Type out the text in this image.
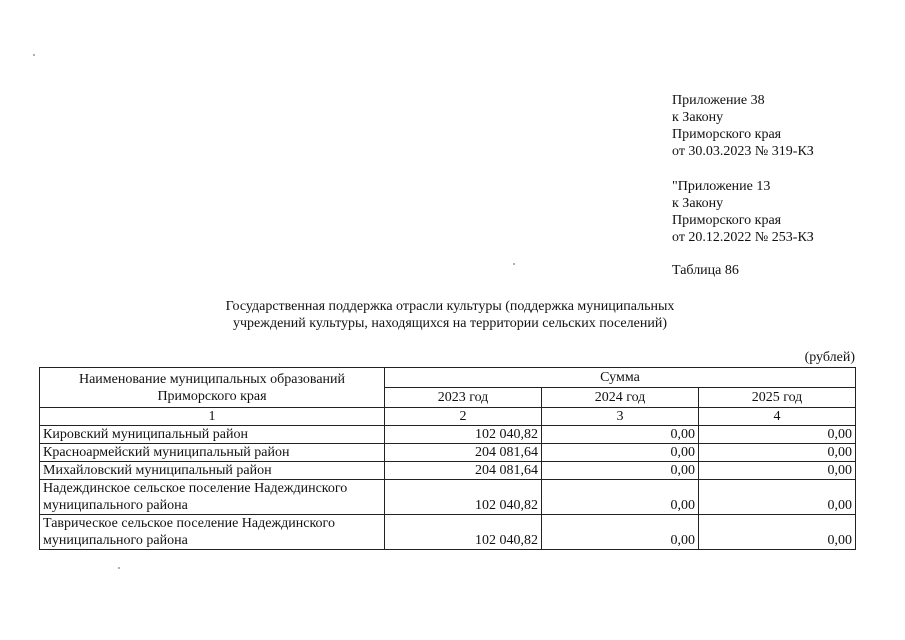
Приложение 38
к Закону
Приморского края
от 30.03.2023 № 319-КЗ
"Приложение 13
к Закону
Приморского края
от 20.12.2022 № 253-КЗ
Таблица 86
Государственная поддержка отрасли культуры (поддержка муниципальных
учреждений культуры, находящихся на территории сельских поселений)
(рублей)
Наименование муниципальных образований
Приморского края	Сумма		
	2023 год	2024 год	2025 год
1	2	3	4
Кировский муниципальный район	102 040,82	0,00	0,00
Красноармейский муниципальный район	204 081,64	0,00	0,00
Михайловский муниципальный район	204 081,64	0,00	0,00

Надеждинское сельское поселение Надеждинского
муниципального района	102 040,82	0,00	0,00

Таврическое сельское поселение Надеждинского
муниципального района	102 040,82	0,00	0,00
